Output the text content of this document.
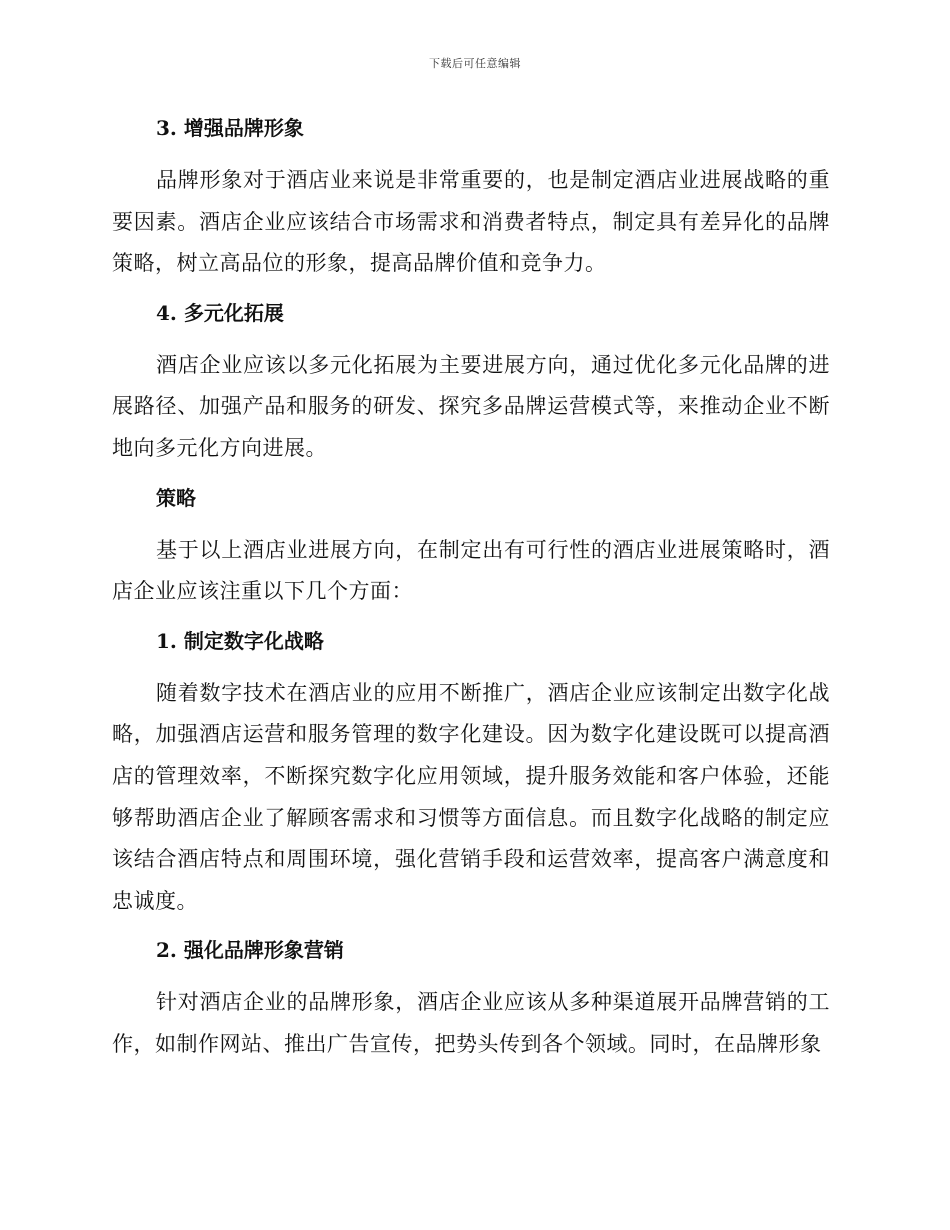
下载后可任意编辑
3. 增强品牌形象

品牌形象对于酒店业来说是非常重要的，也是制定酒店业进展战略的重要因素。酒店企业应该结合市场需求和消费者特点，制定具有差异化的品牌策略，树立高品位的形象，提高品牌价值和竞争力。

4. 多元化拓展

酒店企业应该以多元化拓展为主要进展方向，通过优化多元化品牌的进展路径、加强产品和服务的研发、探究多品牌运营模式等，来推动企业不断地向多元化方向进展。

策略

基于以上酒店业进展方向，在制定出有可行性的酒店业进展策略时，酒店企业应该注重以下几个方面：

1. 制定数字化战略

随着数字技术在酒店业的应用不断推广，酒店企业应该制定出数字化战略，加强酒店运营和服务管理的数字化建设。因为数字化建设既可以提高酒店的管理效率，不断探究数字化应用领域，提升服务效能和客户体验，还能够帮助酒店企业了解顾客需求和习惯等方面信息。而且数字化战略的制定应该结合酒店特点和周围环境，强化营销手段和运营效率，提高客户满意度和忠诚度。

2. 强化品牌形象营销

针对酒店企业的品牌形象，酒店企业应该从多种渠道展开品牌营销的工作，如制作网站、推出广告宣传，把势头传到各个领域。同时，在品牌形象
